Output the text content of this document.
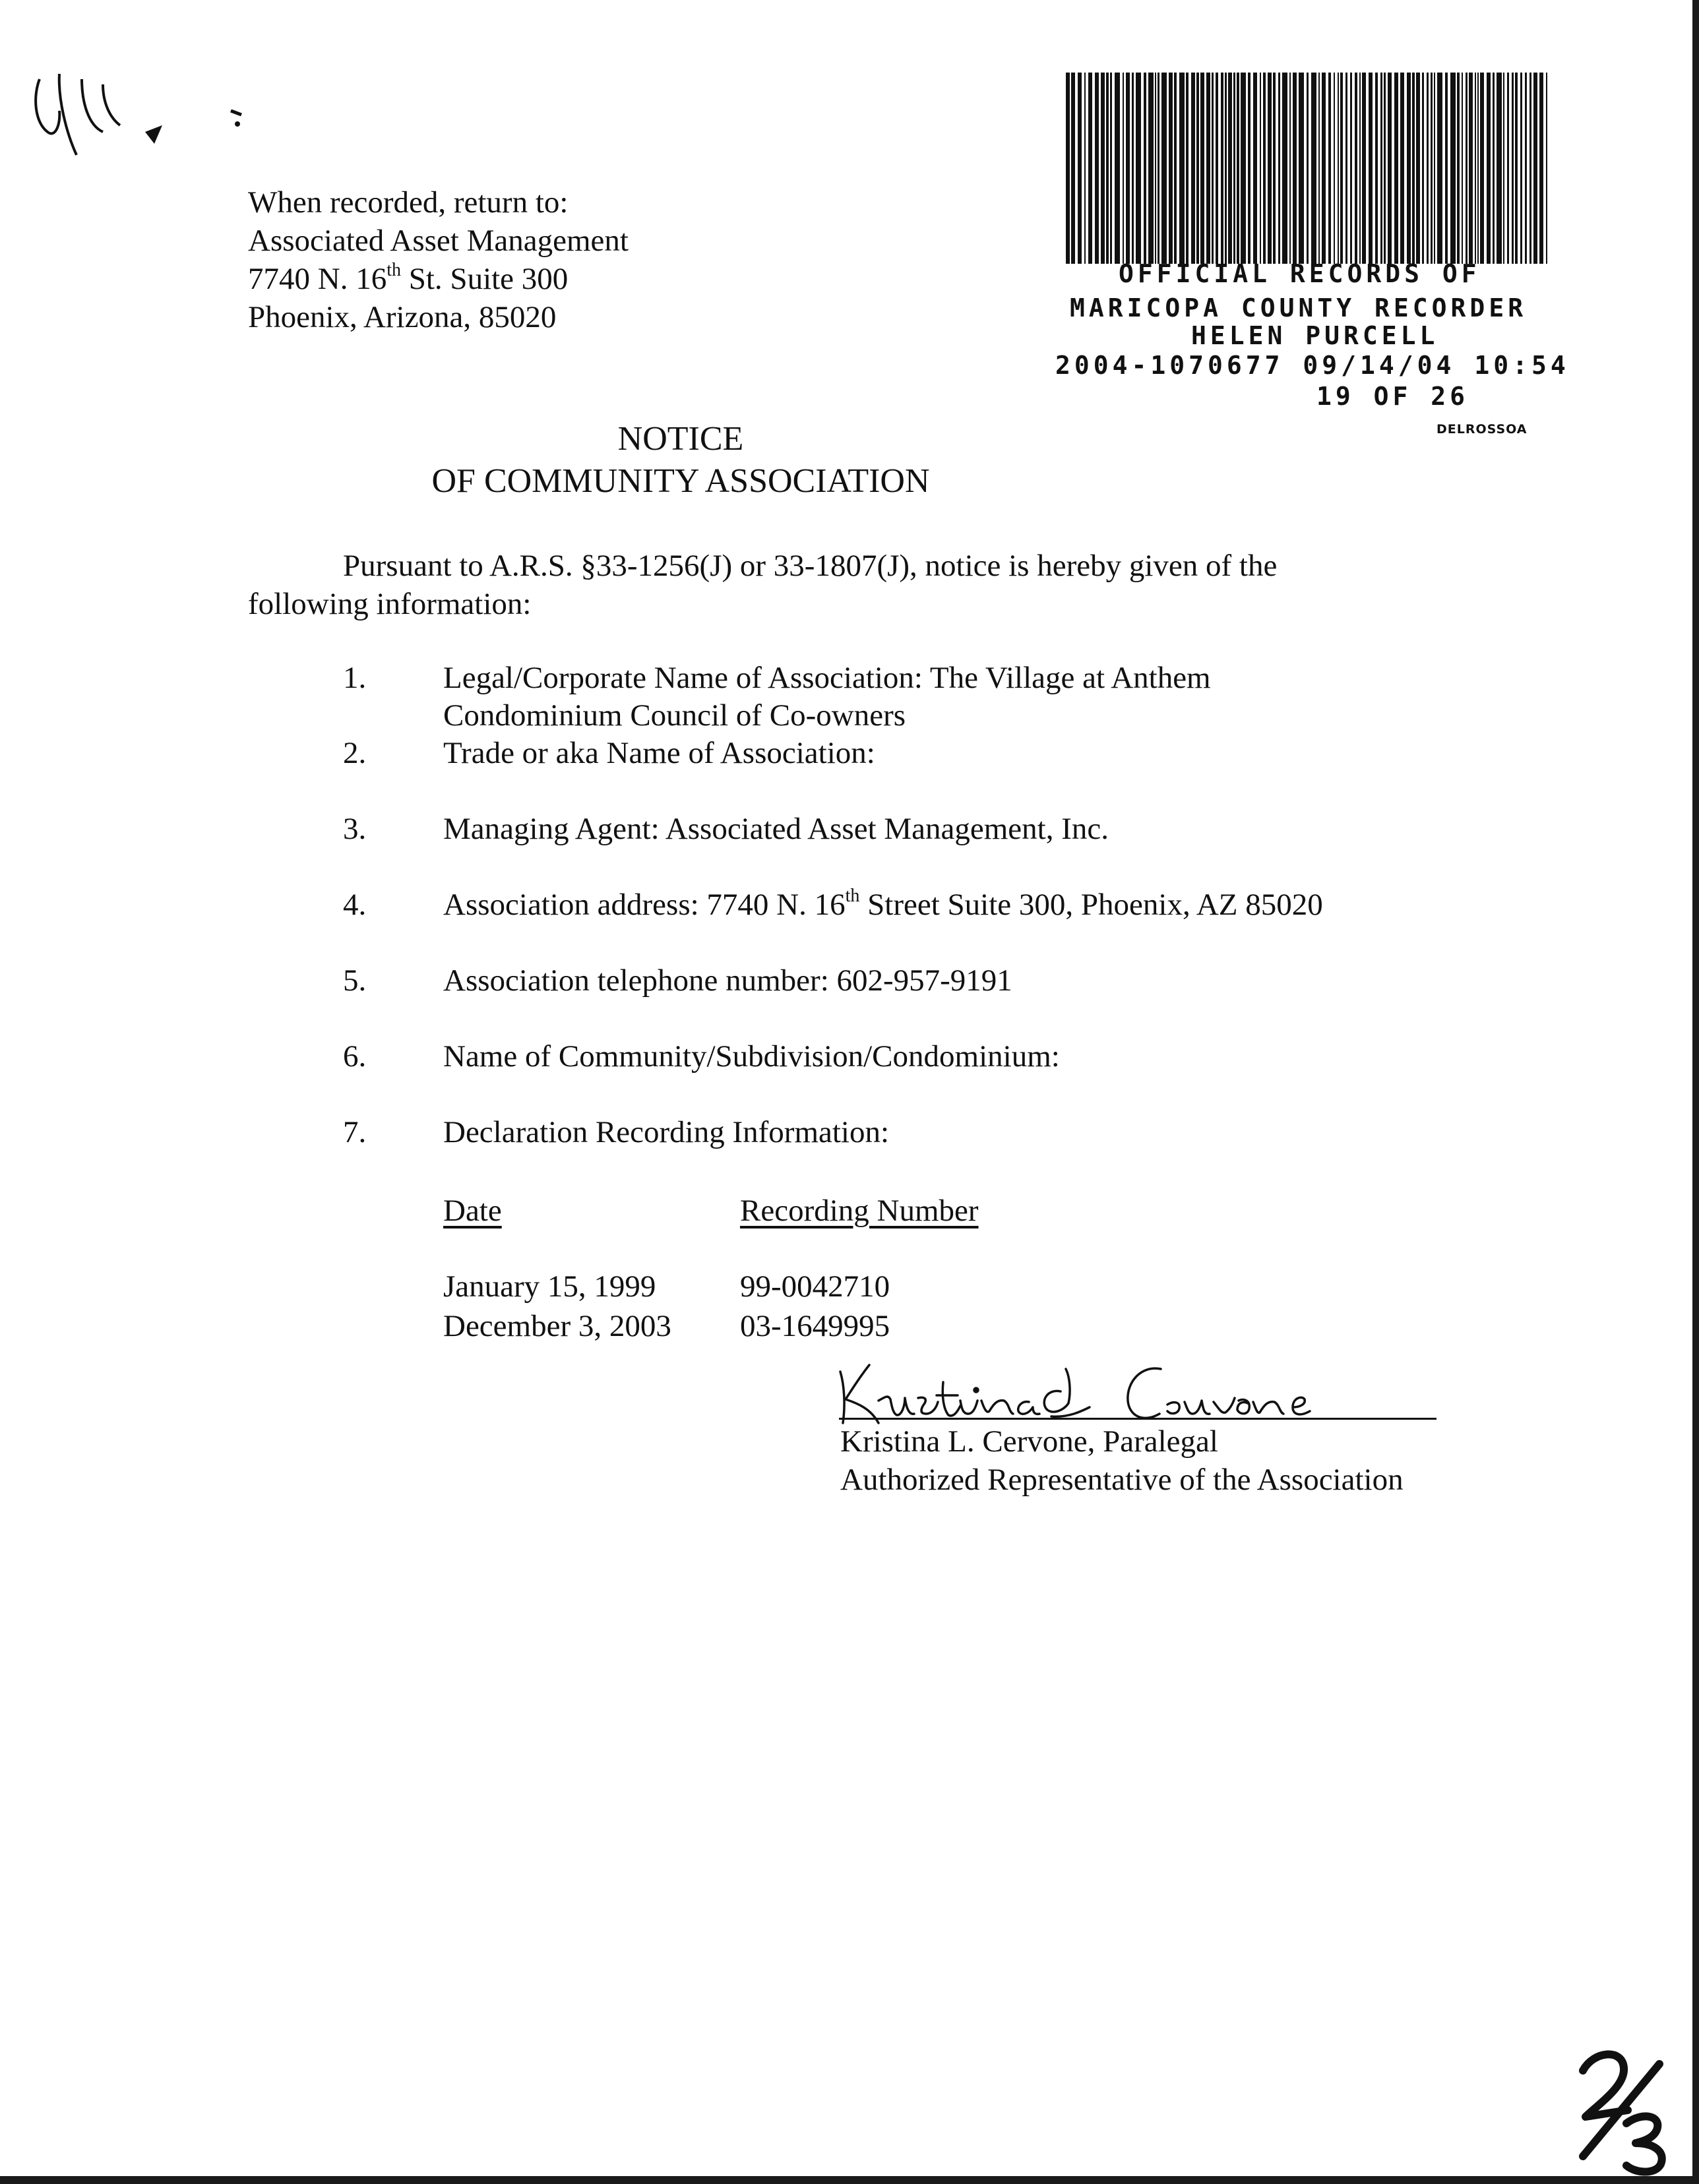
When recorded, return to:
Associated Asset Management
7740 N. 16th St. Suite 300
Phoenix, Arizona, 85020
OFFICIAL RECORDS OF
MARICOPA COUNTY RECORDER
HELEN PURCELL
2004-1070677 09/14/04 10:54
19 OF 26
DELROSSOA
NOTICE
OF COMMUNITY ASSOCIATION
Pursuant to A.R.S. §33-1256(J) or 33-1807(J), notice is hereby given of the
following information:
1. Legal/Corporate Name of Association: The Village at Anthem
Condominium Council of Co-owners
2. Trade or aka Name of Association:
3. Managing Agent: Associated Asset Management, Inc.
4. Association address: 7740 N. 16th Street Suite 300, Phoenix, AZ 85020
5. Association telephone number: 602-957-9191
6. Name of Community/Subdivision/Condominium:
7. Declaration Recording Information:
Date	Recording Number
January 15, 1999	99-0042710
December 3, 2003 03-1649995
Kristina L. Cervone, Paralegal
Authorized Representative of the Association
